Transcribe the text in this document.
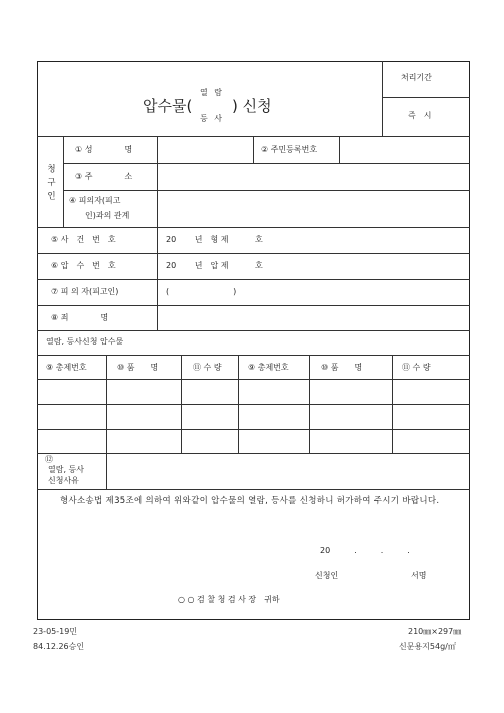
압수물(
열 람
등 사
) 신청
처리기간
즉　시
청구인
① 성　　　　명	② 주민등록번호
③ 주　　　　소
④ 피의자(피고
인)과의 관계
⑤ 사　건　번　호	20　　 년　형 제　　　 호
⑥ 압　수　번　호	20　　 년　압 제　　　 호
⑦ 피 의 자(피고인)	(　　　　　　　　)
⑧ 죄　　　　명
열람, 등사신청 압수물
⑨ 총제번호	⑩ 품　　명	⑪ 수 량	⑨ 총제번호	⑩ 품　　명	⑪ 수 량
⑫
열람, 등사
신청사유
형사소송법 제35조에 의하여 위와같이 압수물의 열람, 등사를 신청하니 허가하여 주시기 바랍니다.
20　　　.　　　.　　　.
신청인	서명
○ ○ 검 찰 청 검 사 장　귀하
23-05-19민
84.12.26승인
210㎜×297㎜
신문용지54g/㎡
